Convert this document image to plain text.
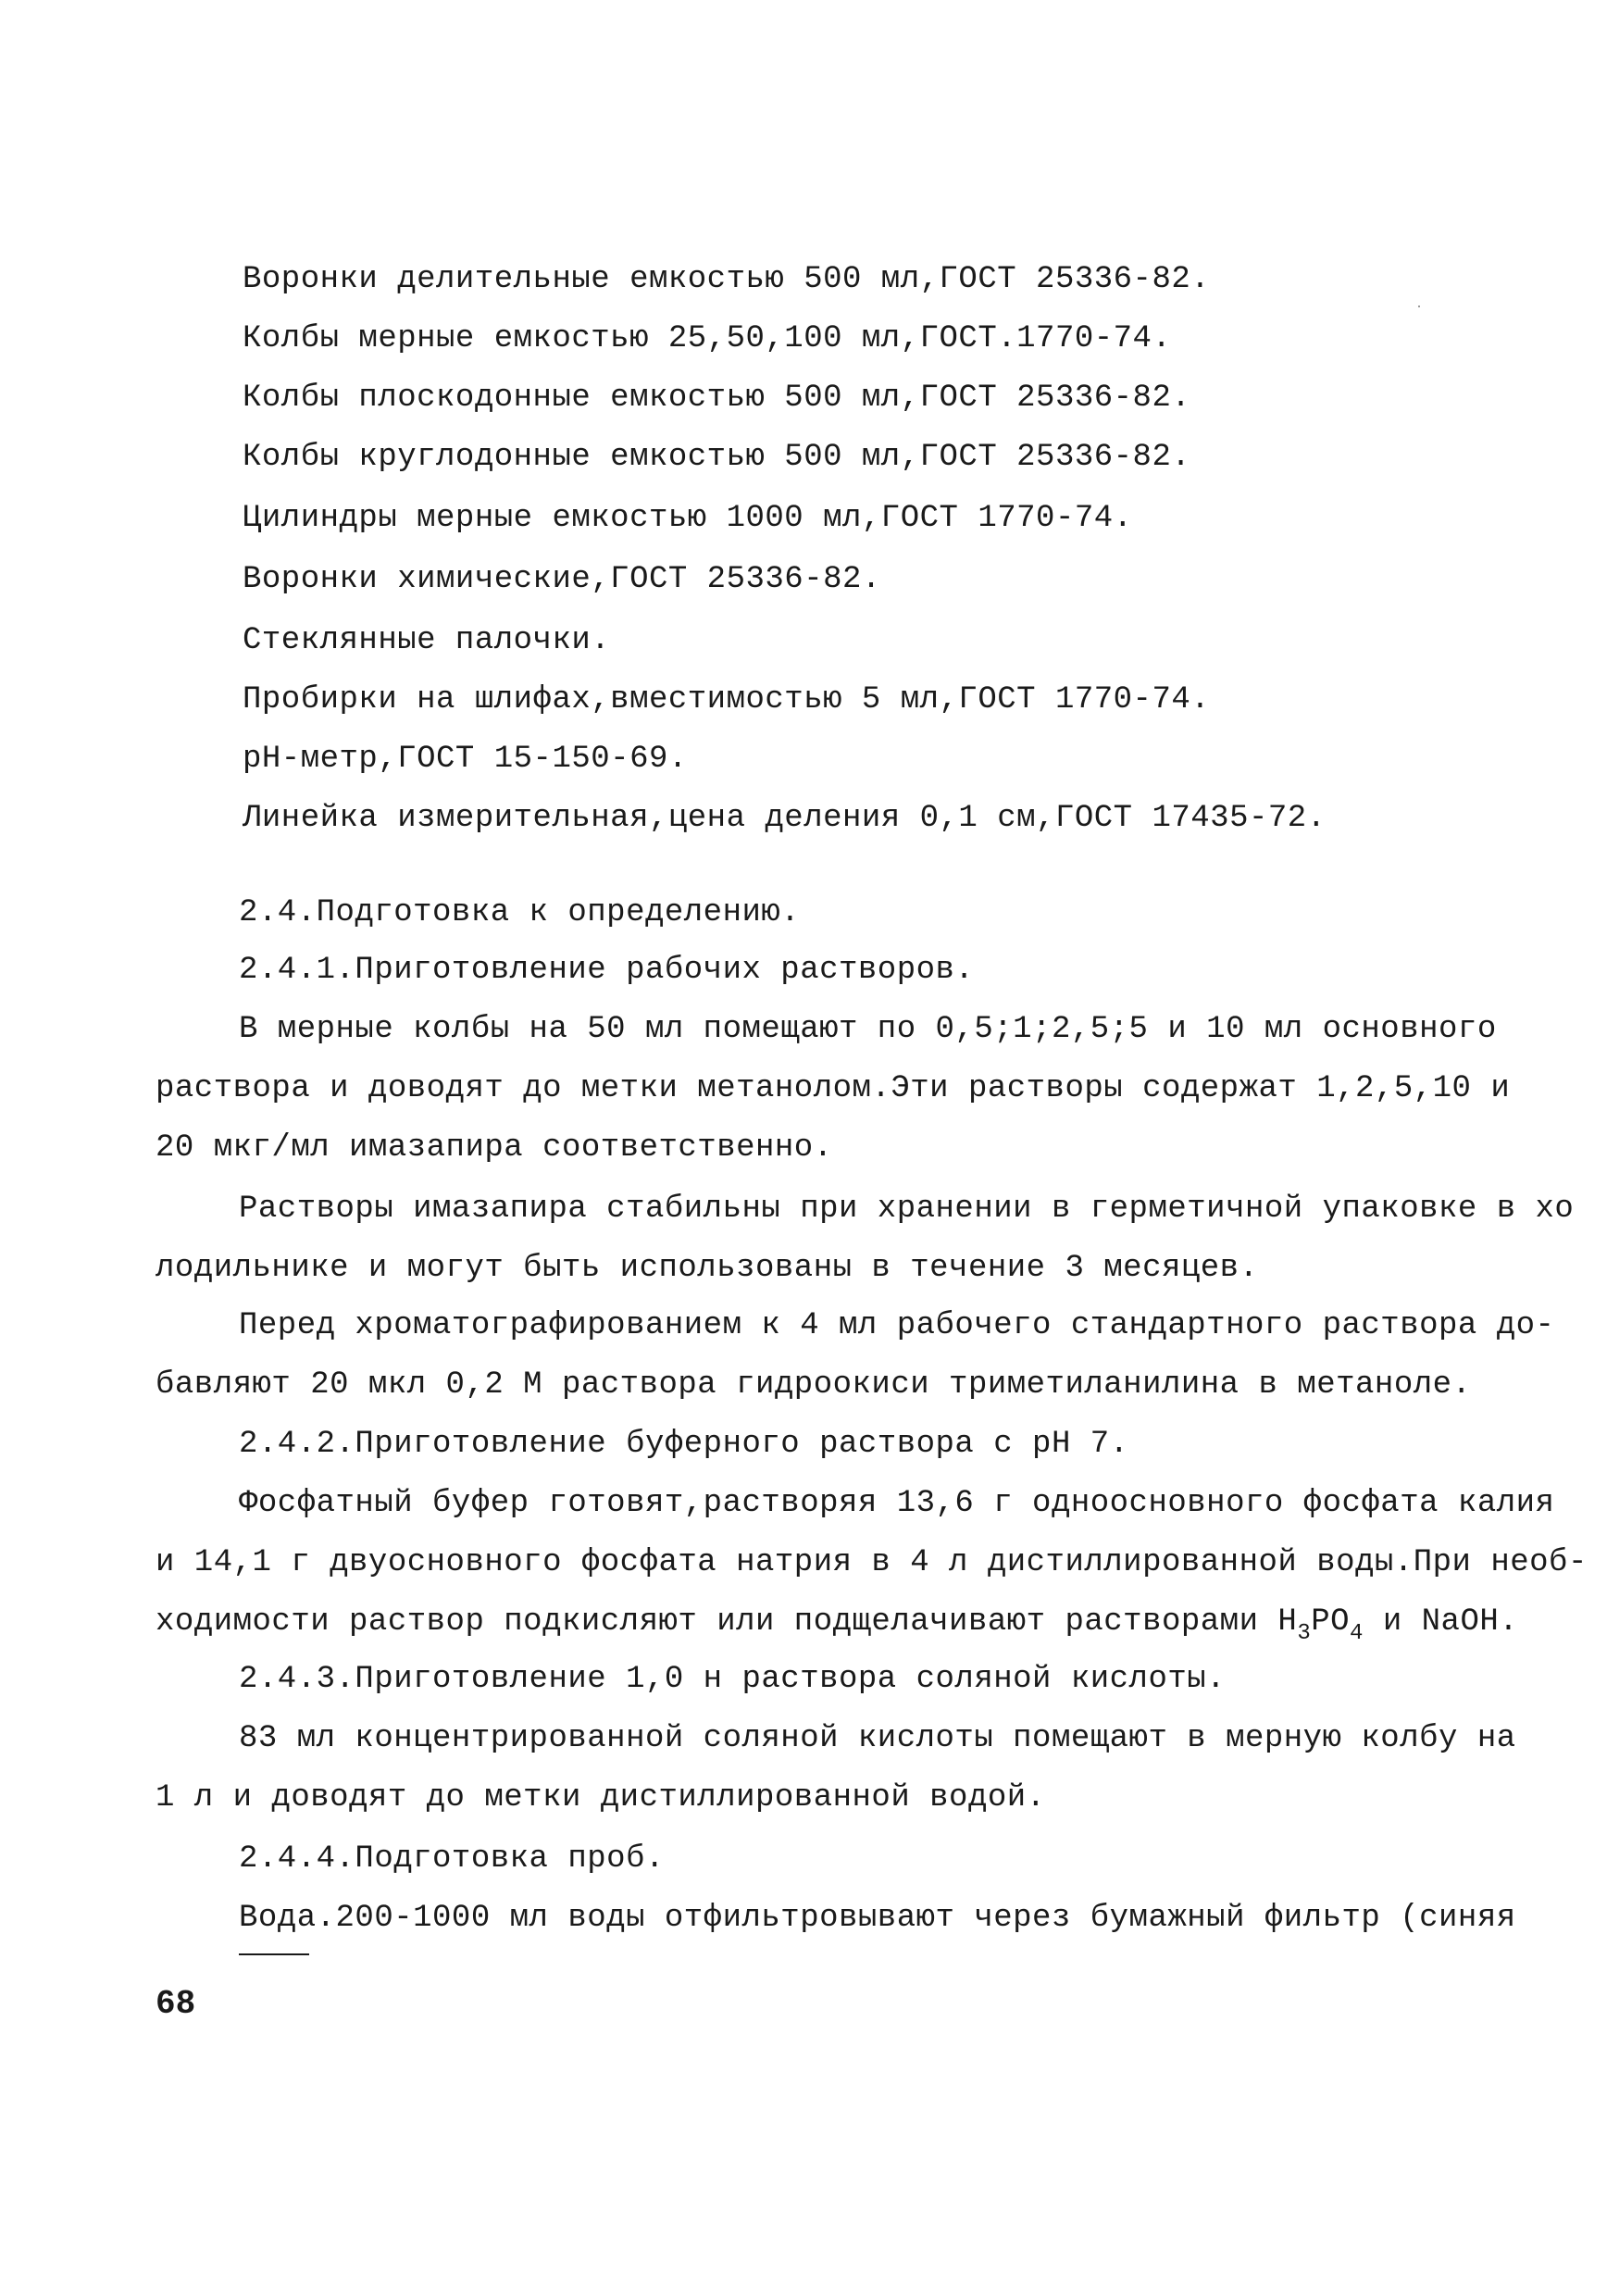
Воронки делительные емкостью 500 мл,ГОСТ 25336-82.
Колбы мерные емкостью 25,50,100 мл,ГОСТ.1770-74.
Колбы плоскодонные емкостью 500 мл,ГОСТ 25336-82.
Колбы круглодонные емкостью 500 мл,ГОСТ 25336-82.
Цилиндры мерные емкостью 1000 мл,ГОСТ 1770-74.
Воронки химические,ГОСТ 25336-82.
Стеклянные палочки.
Пробирки на шлифах,вместимостью 5 мл,ГОСТ 1770-74.
pH-метр,ГОСТ 15-150-69.
Линейка измерительная,цена деления 0,1 см,ГОСТ 17435-72.
2.4.Подготовка к определению.
2.4.1.Приготовление рабочих растворов.
В мерные колбы на 50 мл помещают по 0,5;1;2,5;5 и 10 мл основного
раствора и доводят до метки метанолом.Эти растворы содержат 1,2,5,10 и
20 мкг/мл имазапира соответственно.
Растворы имазапира стабильны при хранении в герметичной упаковке в хо
лодильнике и могут быть использованы в течение 3 месяцев.
Перед хроматографированием к 4 мл рабочего стандартного раствора до-
бавляют 20 мкл 0,2 М раствора гидроокиси триметиланилина в метаноле.
2.4.2.Приготовление буферного раствора с pH 7.
Фосфатный буфер готовят,растворяя 13,6 г одноосновного фосфата калия
и 14,1 г двуосновного фосфата натрия в 4 л дистиллированной воды.При необ-
ходимости раствор подкисляют или подщелачивают растворами $H_3PO_4$ и NaOH.
2.4.3.Приготовление 1,0 н раствора соляной кислоты.
83 мл концентрированной соляной кислоты помещают в мерную колбу на
1 л и доводят до метки дистиллированной водой.
2.4.4.Подготовка проб.
Вода.200-1000 мл воды отфильтровывают через бумажный фильтр (синяя
68
